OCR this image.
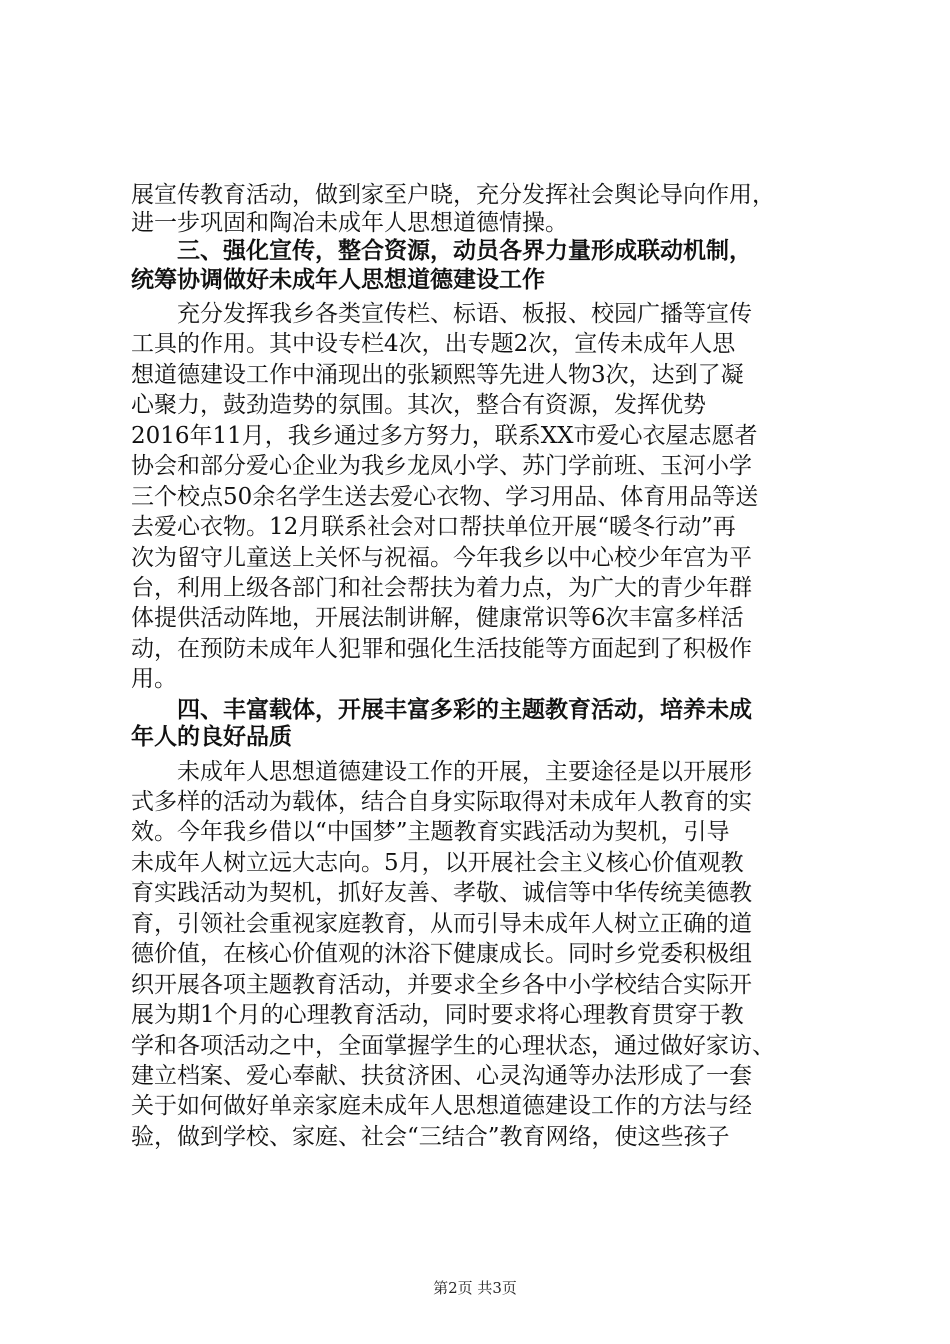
展宣传教育活动，做到家至户晓，充分发挥社会舆论导向作用，
进一步巩固和陶冶未成年人思想道德情操。
　　三、强化宣传，整合资源，动员各界力量形成联动机制，
统筹协调做好未成年人思想道德建设工作
　　充分发挥我乡各类宣传栏、标语、板报、校园广播等宣传
工具的作用。其中设专栏4次，出专题2次，宣传未成年人思
想道德建设工作中涌现出的张颖熙等先进人物3次，达到了凝
心聚力，鼓劲造势的氛围。其次，整合有资源，发挥优势
2016年11月，我乡通过多方努力，联系XX市爱心衣屋志愿者
协会和部分爱心企业为我乡龙凤小学、苏门学前班、玉河小学
三个校点50余名学生送去爱心衣物、学习用品、体育用品等送
去爱心衣物。12月联系社会对口帮扶单位开展“暖冬行动”再
次为留守儿童送上关怀与祝福。今年我乡以中心校少年宫为平
台，利用上级各部门和社会帮扶为着力点，为广大的青少年群
体提供活动阵地，开展法制讲解，健康常识等6次丰富多样活
动，在预防未成年人犯罪和强化生活技能等方面起到了积极作
用。
　　四、丰富载体，开展丰富多彩的主题教育活动，培养未成
年人的良好品质
　　未成年人思想道德建设工作的开展，主要途径是以开展形
式多样的活动为载体，结合自身实际取得对未成年人教育的实
效。今年我乡借以“中国梦”主题教育实践活动为契机，引导
未成年人树立远大志向。5月，以开展社会主义核心价值观教
育实践活动为契机，抓好友善、孝敬、诚信等中华传统美德教
育，引领社会重视家庭教育，从而引导未成年人树立正确的道
德价值，在核心价值观的沐浴下健康成长。同时乡党委积极组
织开展各项主题教育活动，并要求全乡各中小学校结合实际开
展为期1个月的心理教育活动，同时要求将心理教育贯穿于教
学和各项活动之中，全面掌握学生的心理状态，通过做好家访、
建立档案、爱心奉献、扶贫济困、心灵沟通等办法形成了一套
关于如何做好单亲家庭未成年人思想道德建设工作的方法与经
验，做到学校、家庭、社会“三结合”教育网络，使这些孩子
第2页 共3页
